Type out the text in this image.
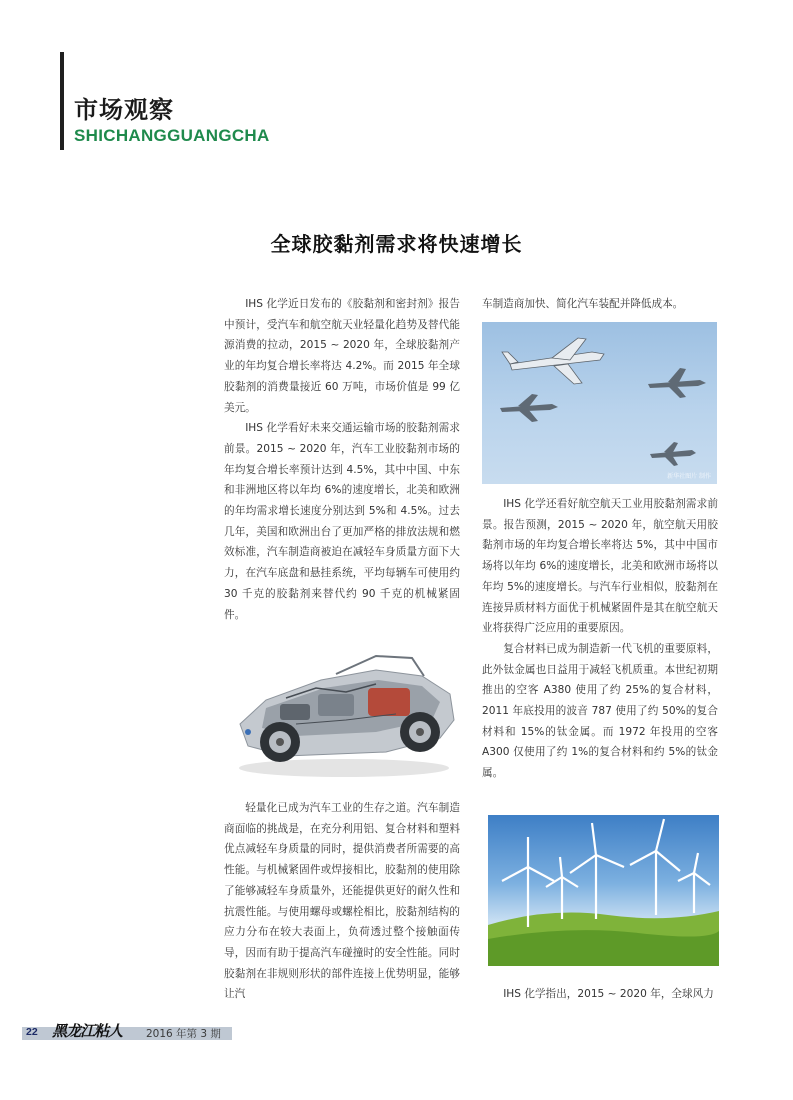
市场观察
SHICHANGGUANGCHA
全球胶黏剂需求将快速增长

IHS 化学近日发布的《胶黏剂和密封剂》报告中预计，受汽车和航空航天业轻量化趋势及替代能源消费的拉动，2015 ~ 2020 年，全球胶黏剂产业的年均复合增长率将达 4.2%。而 2015 年全球胶黏剂的消费量接近 60 万吨，市场价值是 99 亿美元。

IHS 化学看好未来交通运输市场的胶黏剂需求前景。2015 ~ 2020 年，汽车工业胶黏剂市场的年均复合增长率预计达到 4.5%，其中中国、中东和非洲地区将以年均 6%的速度增长，北美和欧洲的年均需求增长速度分别达到 5%和 4.5%。过去几年，美国和欧洲出台了更加严格的排放法规和燃效标准，汽车制造商被迫在减轻车身质量方面下大力，在汽车底盘和悬挂系统，平均每辆车可使用约 30 千克的胶黏剂来替代约 90 千克的机械紧固件。

轻量化已成为汽车工业的生存之道。汽车制造商面临的挑战是，在充分利用铝、复合材料和塑料优点减轻车身质量的同时，提供消费者所需要的高性能。与机械紧固件或焊接相比，胶黏剂的使用除了能够减轻车身质量外，还能提供更好的耐久性和抗震性能。与使用螺母或螺栓相比，胶黏剂结构的应力分布在较大表面上，负荷透过整个接触面传导，因而有助于提高汽车碰撞时的安全性能。同时胶黏剂在非规则形状的部件连接上优势明显，能够让汽

车制造商加快、简化汽车装配并降低成本。

新华社图片 制作

IHS 化学还看好航空航天工业用胶黏剂需求前景。报告预测，2015 ~ 2020 年，航空航天用胶黏剂市场的年均复合增长率将达 5%，其中中国市场将以年均 6%的速度增长，北美和欧洲市场将以年均 5%的速度增长。与汽车行业相似，胶黏剂在连接异质材料方面优于机械紧固件是其在航空航天业将获得广泛应用的重要原因。

复合材料已成为制造新一代飞机的重要原料，此外钛金属也日益用于减轻飞机质重。本世纪初期推出的空客 A380 使用了约 25%的复合材料，2011 年底投用的波音 787 使用了约 50%的复合材料和 15%的钛金属。而 1972 年投用的空客 A300 仅使用了约 1%的复合材料和约 5%的钛金属。

IHS 化学指出，2015 ~ 2020 年，全球风力

22 黑龙江粘人 2016 年第 3 期
